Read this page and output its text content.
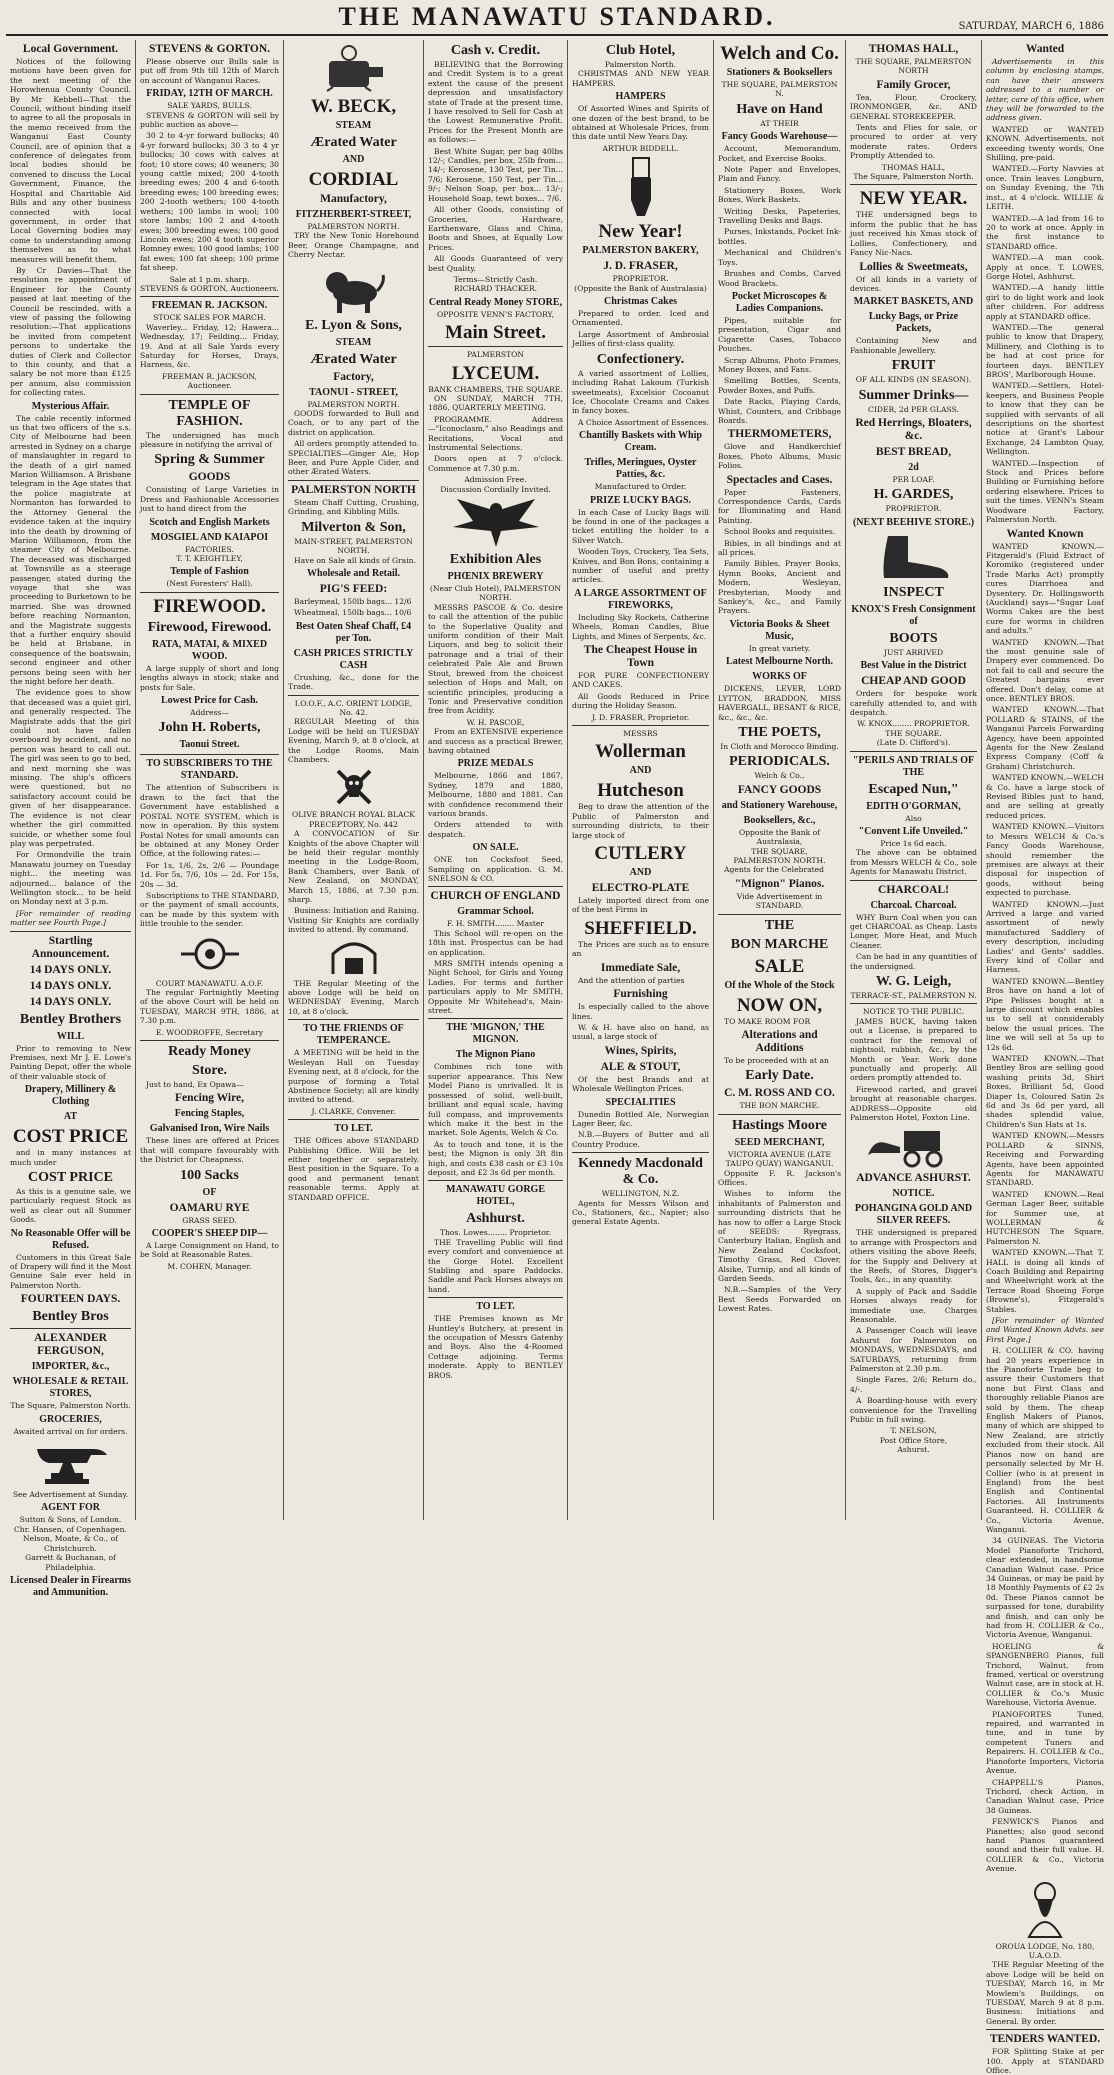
THE MANAWATU STANDARD.	SATURDAY, MARCH 6, 1886
Local Government.

Notices of the following motions have been given for the next meeting of the Horowhenua County Council. By Mr Kebbell—That the Council, without binding itself to agree to all the proposals in the memo received from the Wanganui East County Council, are of opinion that a conference of delegates from local bodies should be convened to discuss the Local Government, Finance, the Hospital and Charitable Aid Bills and any other business connected with local government, in order that Local Governing bodies may come to understanding among themselves as to what measures will benefit them.

By Cr Davies—That the resolution re appointment of Engineer for the County passed at last meeting of the Council be rescinded, with a view of passing the following resolution:—That applications be invited from competent persons to undertake the duties of Clerk and Collector to this county, and that a salary be not more than £125 per annum, also commission for collecting rates.

Mysterious Affair.

The cable recently informed us that two officers of the s.s. City of Melbourne had been arrested in Sydney on a charge of manslaughter in regard to the death of a girl named Marion Williamson. A Brisbane telegram in the Age states that the police magistrate at Normanton has forwarded to the Attorney General the evidence taken at the inquiry into the death by drowning of Marion Williamson, from the steamer City of Melbourne. The deceased was discharged at Townsville as a steerage passenger, stated during the voyage that she was proceeding to Burketown to be married. She was drowned before reaching Normanton, and the Magistrate suggests that a further enquiry should be held at Brisbane, in consequence of the boatswain, second engineer and other persons being seen with her the night before her death.

The evidence goes to show that deceased was a quiet girl, and generally respected. The Magistrate adds that the girl could not have fallen overboard by accident, and no person was heard to call out. The girl was seen to go to bed, and next morning she was missing. The ship's officers were questioned, but no satisfactory account could be given of her disappearance. The evidence is not clear whether the girl committed suicide, or whether some foul play was perpetrated.

For Ormondville the train Manawatu journey on Tuesday night... the meeting was adjourned... balance of the Wellington stock... to be held on Monday next at 3 p.m.

[For remainder of reading matter see Fourth Page.]

Startling Announcement.
14 DAYS ONLY.
14 DAYS ONLY.
14 DAYS ONLY.
Bentley Brothers
WILL

Prior to removing to New Premises, next Mr J. E. Lowe's Painting Depot, offer the whole of their valuable stock of

Drapery, Millinery & Clothing
AT
COST PRICE

and in many instances at much under

COST PRICE

As this is a genuine sale, we particularly request Stock as well as clear out all Summer Goods.

No Reasonable Offer will be Refused.

Customers in this Great Sale of Drapery will find it the Most Genuine Sale ever held in Palmerston North.

FOURTEEN DAYS.
Bentley Bros
ALEXANDER FERGUSON,
IMPORTER, &c.,
WHOLESALE & RETAIL STORES,
The Square, Palmerston North.
GROCERIES,
Awaited arrival on for orders.
See Advertisement at Sunday.
AGENT FOR
Sutton & Sons, of London.
Chr. Hansen, of Copenhagen.
Nelson, Moate, & Co., of Christchurch.
Garrett & Buchanan, of Philadelphia.
Licensed Dealer in Firearms and Ammunition.
STEVENS & GORTON.

Please observe our Bulls sale is put off from 9th till 12th of March on account of Wanganui Races.

FRIDAY, 12TH OF MARCH.
SALE YARDS, BULLS.

STEVENS & GORTON will sell by public auction as above—

30 2 to 4-yr forward bullocks; 40 4-yr forward bullocks; 30 3 to 4 yr bullocks; 30 cows with calves at foot; 10 store cows; 40 weaners; 30 young cattle mixed; 200 4-tooth breeding ewes; 200 4 and 6-tooth breeding ewes; 100 breeding ewes; 200 2-tooth wethers; 100 4-tooth wethers; 100 lambs in wool; 100 store lambs; 100 2 and 4-tooth ewes; 300 breeding ewes; 100 good Lincoln ewes; 200 4 tooth superior Romney ewes; 100 good lambs; 100 fat ewes; 100 fat sheep; 100 prime fat sheep.

Sale at 1 p.m. sharp.
STEVENS & GORTON, Auctioneers.
FREEMAN R. JACKSON.
STOCK SALES FOR MARCH.

Waverley... Friday, 12; Hawera... Wednesday, 17; Feilding... Friday, 19. And at all Sale Yards every Saturday for Horses, Drays, Harness, &c.

FREEMAN R. JACKSON, Auctioneer.
TEMPLE OF FASHION.

The undersigned has much pleasure in notifying the arrival of

Spring & Summer
GOODS

Consisting of Large Varieties in Dress and Fashionable Accessories just to hand direct from the

Scotch and English Markets
MOSGIEL AND KAIAPOI
FACTORIES.
T. T. KEIGHTLEY,
Temple of Fashion
(Next Foresters' Hall).
FIREWOOD.
Firewood, Firewood.
RATA, MATAI, & MIXED WOOD.

A large supply of short and long lengths always in stock; stake and posts for Sale.

Lowest Price for Cash.
Address—
John H. Roberts,
Taonui Street.
TO SUBSCRIBERS TO THE STANDARD.

The attention of Subscribers is drawn to the fact that the Government have established a POSTAL NOTE SYSTEM, which is now in operation. By this system Postal Notes for small amounts can be obtained at any Money Order Office, at the following rates:—

For 1s, 1/6, 2s, 2/6 — Poundage 1d. For 5s, 7/6, 10s — 2d. For 15s, 20s — 3d.

Subscriptions to THE STANDARD, or the payment of small accounts, can be made by this system with little trouble to the sender.

COURT MANAWATU. A.O.F.

The regular Fortnightly Meeting of the above Court will be held on TUESDAY, MARCH 9TH, 1886, at 7.30 p.m.

E. WOODROFFE, Secretary
Ready Money
Store.

Just to hand, Ex Opawa—

Fencing Wire,
Fencing Staples,
Galvanised Iron, Wire Nails

These lines are offered at Prices that will compare favourably with the District for Cheapness.

100 Sacks
OF
OAMARU RYE
GRASS SEED.
COOPER'S SHEEP DIP—

A Large Consignment on Hand, to be Sold at Reasonable Rates.

M. COHEN, Manager.
W. BECK,
STEAM
Ærated Water
AND
CORDIAL
Manufactory,
FITZHERBERT-STREET,
PALMERSTON NORTH.

TRY the New Tonic Horehound Beer, Orange Champagne, and Cherry Nectar.

E. Lyon & Sons,
STEAM
Ærated Water
Factory,
TAONUI - STREET,
PALMERSTON NORTH.

GOODS forwarded to Bull and Coach, or to any part of the district on application.

All orders promptly attended to. SPECIALTIES—Ginger Ale, Hop Beer, and Pure Apple Cider, and other Ærated Waters.

PALMERSTON NORTH

Steam Chaff Cutting, Crushing, Grinding, and Kibbling Mills.

Milverton & Son,
MAIN-STREET, PALMERSTON NORTH.

Have on Sale all kinds of Grain.

Wholesale and Retail.
PIG'S FEED:

Barleymeal, 150lb bags... 12/6

Wheatmeal, 150lb bags... 10/6

Best Oaten Sheaf Chaff, £4 per Ton.
CASH PRICES STRICTLY CASH

Crushing, &c., done for the Trade.

I.O.O.F., A.C. ORIENT LODGE, No. 42.

REGULAR Meeting of this Lodge will be held on TUESDAY Evening, March 9, at 8 o'clock, at the Lodge Rooms, Main Chambers.

OLIVE BRANCH ROYAL BLACK PRECEPTORY, No. 442

A CONVOCATION of Sir Knights of the above Chapter will be held their regular monthly meeting in the Lodge-Room, Bank Chambers, over Bank of New Zealand, on MONDAY, March 15, 1886, at 7.30 p.m. sharp.

Business: Initiation and Raising. Visiting Sir Knights are cordially invited to attend. By command.

THE Regular Meeting of the above Lodge will be held on WEDNESDAY Evening, March 10, at 8 o'clock.

TO THE FRIENDS OF TEMPERANCE.

A MEETING will be held in the Wesleyan Hall on Tuesday Evening next, at 8 o'clock, for the purpose of forming a Total Abstinence Society; all are kindly invited to attend.

J. CLARKE, Convener.
TO LET.

THE Offices above STANDARD Publishing Office. Will be let either together or separately. Best position in the Square. To a good and permanent tenant reasonable terms. Apply at STANDARD OFFICE.

Cash v. Credit.

BELIEVING that the Borrowing and Credit System is to a great extent the cause of the present depression and unsatisfactory state of Trade at the present time, I have resolved to Sell for Cash at the Lowest Remunerative Profit. Prices for the Present Month are as follows:—

Best White Sugar, per bag 40lbs 12/-; Candles, per box, 25lb from... 14/-; Kerosene, 130 Test, per Tin... 7/6; Kerosene, 150 Test, per Tin... 9/-; Nelson Soap, per box... 13/-; Household Soap, tewt boxes... 7/6.

All other Goods, consisting of Groceries, Hardware, Earthenware, Glass and China, Boots and Shoes, at Equally Low Prices.

All Goods Guaranteed of very best Quality.

Terms—Strictly Cash.
RICHARD THACKER.
Central Ready Money STORE,
OPPOSITE VENN'S FACTORY,
Main Street.
PALMERSTON
LYCEUM.
BANK CHAMBERS, THE SQUARE.

ON SUNDAY, MARCH 7TH, 1886, QUARTERLY MEETING.

PROGRAMME. Address—"Iconoclasm," also Readings and Recitations, Vocal and Instrumental Selections.

Doors open at 7 o'clock. Commence at 7.30 p.m.

Admission Free.
Discussion Cordially Invited.
Exhibition Ales
PHŒNIX BREWERY
(Near Club Hotel), PALMERSTON NORTH.

MESSRS PASCOE & Co. desire to call the attention of the public to the Superlative Quality and uniform condition of their Malt Liquors, and beg to solicit their patronage and a trial of their celebrated Pale Ale and Brown Stout, brewed from the choicest selection of Hops and Malt, on scientific principles, producing a Tonic and Preservative condition free from Acidity.

W. H. PASCOE,

From an EXTENSIVE experience and success as a practical Brewer, having obtained

PRIZE MEDALS

Melbourne, 1866 and 1867, Sydney, 1879 and 1880, Melbourne, 1880 and 1881. Can with confidence recommend their various brands.

Orders attended to with despatch.

ON SALE.

ONE ton Cocksfoot Seed, Sampling on application. G. M. SNELSON & CO.

CHURCH OF ENGLAND
Grammar School.
F. H. SMITH........ Master

This School will re-open on the 18th inst. Prospectus can be had on application.

MRS SMITH intends opening a Night School, for Girls and Young Ladies. For terms and further particulars apply to Mr SMITH, Opposite Mr Whitehead's, Main-street.

THE 'MIGNON,' THE MIGNON.
The Mignon Piano

Combines rich tone with superior appearance. This New Model Piano is unrivalled. It is possessed of solid, well-built, brilliant and equal scale, having full compass, and improvements which make it the best in the market. Sole Agents, Welch & Co.

As to touch and tone, it is the best; the Mignon is only 3ft 8in high, and costs £38 cash or £3 10s deposit, and £2 3s 6d per month.

MANAWATU GORGE HOTEL,
Ashhurst.
Thos. Lowes........ Proprietor.

THE Travelling Public will find every comfort and convenience at the Gorge Hotel. Excellent Stabling and spare Paddocks. Saddle and Pack Horses always on hand.

TO LET.

THE Premises known as Mr Huntley's Butchery, at present in the occupation of Messrs Gatenby and Boys. Also the 4-Roomed Cottage adjoining. Terms moderate. Apply to BENTLEY BROS.

Club Hotel,
Palmerston North.

CHRISTMAS AND NEW YEAR HAMPERS.

HAMPERS

Of Assorted Wines and Spirits of one dozen of the best brand, to be obtained at Wholesale Prices, from this date until New Years Day.

ARTHUR BIDDELL.
New Year!
PALMERSTON BAKERY,
J. D. FRASER,
PROPRIETOR.
(Opposite the Bank of Australasia)
Christmas Cakes

Prepared to order. Iced and Ornamented.

Large Assortment of Ambrosial Jellies of first-class quality.

Confectionery.

A varied assortment of Lollies, including Rahat Lakoum (Turkish sweetmeats), Excelsior Cocoanut Ice, Chocolate Creams and Cakes in fancy boxes.

A Choice Assortment of Essences.

Chantilly Baskets with Whip Cream.
Trifles, Meringues, Oyster Patties, &c.
Manufactured to Order.
PRIZE LUCKY BAGS.

In each Case of Lucky Bags will be found in one of the packages a ticket entitling the holder to a Silver Watch.

Wooden Toys, Crockery, Tea Sets, Knives, and Bon Bons, containing a number of useful and pretty articles.

A LARGE ASSORTMENT OF FIREWORKS,

Including Sky Rockets, Catherine Wheels, Roman Candles, Blue Lights, and Mines of Serpents, &c.

The Cheapest House in Town

FOR PURE CONFECTIONERY AND CAKES.

All Goods Reduced in Price during the Holiday Season.

J. D. FRASER, Proprietor.
MESSRS
Wollerman
AND
Hutcheson

Beg to draw the attention of the Public of Palmerston and surrounding districts, to their large stock of

CUTLERY
AND
ELECTRO-PLATE

Lately imported direct from one of the best Firms in

SHEFFIELD.

The Prices are such as to ensure an

Immediate Sale,

And the attention of parties

Furnishing

Is especially called to the above lines.

W. & H. have also on hand, as usual, a large stock of

Wines, Spirits,
ALE & STOUT,

Of the best Brands and at Wholesale Wellington Prices.

SPECIALITIES

Dunedin Bottled Ale, Norwegian Lager Beer, &c.

N.B.—Buyers of Butter and all Country Produce.

Kennedy Macdonald & Co.
WELLINGTON, N.Z.

Agents for Messrs Wilson and Co., Stationers, &c., Napier; also general Estate Agents.

Welch and Co.
Stationers & Booksellers
THE SQUARE, PALMERSTON N.
Have on Hand
AT THEIR
Fancy Goods Warehouse—

Account, Memorandum, Pocket, and Exercise Books.

Note Paper and Envelopes, Plain and Fancy.

Stationery Boxes, Work Boxes, Work Baskets.

Writing Desks, Papeteries, Travelling Desks and Bags.

Purses, Inkstands, Pocket Ink-bottles.

Mechanical and Children's Toys.

Brushes and Combs, Carved Wood Brackets.

Pocket Microscopes & Ladies Companions.

Pipes, suitable for presentation, Cigar and Cigarette Cases, Tobacco Pouches.

Scrap Albums, Photo Frames, Money Boxes, and Fans.

Smelling Bottles, Scents, Powder Boxes, and Puffs.

Date Racks, Playing Cards, Whist, Counters, and Cribbage Boards.

THERMOMETERS,

Glove and Handkerchief Boxes, Photo Albums, Music Folios.

Spectacles and Cases.

Paper Fasteners, Correspondence Cards, Cards for Illuminating and Hand Painting.

School Books and requisites.

Bibles, in all bindings and at all prices.

Family Bibles, Prayer Books, Hymn Books, Ancient and Modern, Wesleyan, Presbyterian, Moody and Sankey's, &c., and Family Prayers.

Victoria Books & Sheet Music,
In great variety.
Latest Melbourne North.
WORKS OF

DICKENS, LEVER, LORD LYTTON, BRADDON, MISS HAVERGALL, BESANT & RICE, &c., &c., &c.

THE POETS,
In Cloth and Morocco Binding.
PERIODICALS.
Welch & Co.,
FANCY GOODS
and Stationery Warehouse,
Booksellers, &c.,
Opposite the Bank of Australasia,
THE SQUARE,
PALMERSTON NORTH.

Agents for the Celebrated

"Mignon" Pianos.
Vide Advertisement in STANDARD.
THE
BON MARCHE
SALE
Of the Whole of the Stock
NOW ON,

TO MAKE ROOM FOR

Alterations and Additions

To be proceeded with at an

Early Date.
C. M. ROSS AND CO.
THE BON MARCHE.
Hastings Moore
SEED MERCHANT,
VICTORIA AVENUE (LATE TAUPO QUAY) WANGANUI.

Opposite F. R. Jackson's Offices.

Wishes to inform the inhabitants of Palmerston and surrounding districts that he has now to offer a Large Stock of SEEDS: Ryegrass, Canterbury Italian, English and New Zealand Cocksfoot, Timothy Grass, Red Clover, Alsike, Turnip, and all kinds of Garden Seeds.

N.B.—Samples of the Very Best Seeds Forwarded on Lowest Rates.

THOMAS HALL,
THE SQUARE, PALMERSTON NORTH
Family Grocer,

Tea, Flour, Crockery, IRONMONGER, &c. AND GENERAL STOREKEEPER.

Tents and Flies for sale, or procured to order at very moderate rates. Orders Promptly Attended to.

THOMAS HALL,
The Square, Palmerston North.
NEW YEAR.

THE undersigned begs to inform the public that he has just received his Xmas stock of Lollies, Confectionery, and Fancy Nic-Nacs.

Lollies & Sweetmeats,

Of all kinds in a variety of devices.

MARKET BASKETS, AND
Lucky Bags, or Prize Packets,

Containing New and Fashionable Jewellery.

FRUIT
OF ALL KINDS (IN SEASON).
Summer Drinks—
CIDER, 2d PER GLASS.
Red Herrings, Bloaters, &c.
BEST BREAD,
2d
PER LOAF.
H. GARDES,
PROPRIETOR.
(NEXT BEEHIVE STORE.)
INSPECT
KNOX'S Fresh Consignment of
BOOTS
JUST ARRIVED
Best Value in the District
CHEAP AND GOOD

Orders for bespoke work carefully attended to, and with despatch.

W. KNOX........ PROPRIETOR.
THE SQUARE.
(Late D. Clifford's).
"PERILS AND TRIALS OF THE
Escaped Nun,"
EDITH O'GORMAN,
Also
"Convent Life Unveiled."
Price 1s 6d each.

The above can be obtained from Messrs WELCH & Co., sole Agents for Manawatu District.

CHARCOAL!
Charcoal. Charcoal.

WHY Burn Coal when you can get CHARCOAL as Cheap. Lasts Longer, More Heat, and Much Cleaner.

Can be had in any quantities of the undersigned.

W. G. Leigh,
TERRACE-ST., PALMERSTON N.
NOTICE TO THE PUBLIC.

JAMES BUCK, having taken out a License, is prepared to contract for the removal of nightsoil, rubbish, &c., by the Month or Year. Work done punctually and properly. All orders promptly attended to.

Firewood carted, and gravel brought at reasonable charges. ADDRESS—Opposite old Palmerston Hotel, Foxton Line.

ADVANCE ASHURST.
NOTICE.
POHANGINA GOLD AND SILVER REEFS.

THE undersigned is prepared to arrange with Prospectors and others visiting the above Reefs, for the Supply and Delivery at the Reefs, of Stores, Digger's Tools, &c., in any quantity.

A supply of Pack and Saddle Horses always ready for immediate use. Charges Reasonable.

A Passenger Coach will leave Ashurst for Palmerston on MONDAYS, WEDNESDAYS, and SATURDAYS, returning from Palmerston at 2.30 p.m.

Single Fares, 2/6; Return do., 4/-.

A Boarding-house with every convenience for the Travelling Public in full swing.

T. NELSON,
Post Office Store,
Ashurst.
Wanted

Advertisements in this column by enclosing stamps, can have their answers addressed to a number or letter, care of this office, when they will be forwarded to the address given.

WANTED or WANTED KNOWN. Advertisements, not exceeding twenty words, One Shilling, pre-paid.

WANTED.—Forty Navvies at once. Train leaves Longburn, on Sunday Evening, the 7th inst., at 4 o'clock. WILLIE & LEITH.

WANTED.—A lad from 16 to 20 to work at once. Apply in the first instance to STANDARD office.

WANTED.—A man cook. Apply at once. T. LOWES, Gorge Hotel, Ashhurst.

WANTED.—A handy little girl to do light work and look after children. For address apply at STANDARD office.

WANTED.—The general public to know that Drapery, Millinery, and Clothing is to be had at cost price for fourteen days. BENTLEY BROS', Marlborough House.

WANTED.—Settlers, Hotel-keepers, and Business People to know that they can be supplied with servants of all descriptions on the shortest notice at Grant's Labour Exchange, 24 Lambton Quay, Wellington.

WANTED.—Inspection of Stock and Prices before Building or Furnishing before ordering elsewhere. Prices to suit the times. VENN's Steam Woodware Factory, Palmerston North.

Wanted Known

WANTED KNOWN.—Fitzgerald's (Fluid Extract of Koromiko (registered under Trade Marks Act) promptly cures Diarrhoea and Dysentery. Dr. Hollingsworth (Auckland) says—"Sugar Loaf Worms Cakes are the best cure for worms in children and adults."

WANTED KNOWN.—That the most genuine sale of Drapery ever commenced. Do not fail to call and secure the Greatest bargains ever offered. Don't delay, come at once. BENTLEY BROS.

WANTED KNOWN.—That POLLARD & STAINS, of the Wanganui Parcels Forwarding Agency, have been appointed Agents for the New Zealand Express Company (Coff & Graham) Christchurch.

WANTED KNOWN.—WELCH & Co. have a large stock of Revised Bibles just to hand, and are selling at greatly reduced prices.

WANTED KNOWN.—Visitors to Messrs WELCH & Co.'s Fancy Goods Warehouse, should remember the premises are always at their disposal for inspection of goods, without being expected to purchase.

WANTED KNOWN.—Just Arrived a large and varied assortment of newly manufactured Saddlery of every description, including Ladies' and Gents' saddles. Every kind of Collar and Harness.

WANTED KNOWN.—Bentley Bros have on hand a lot of Pipe Pelisses bought at a large discount which enables us to sell at considerably below the usual prices. The line we will sell at 5s up to 12s 6d.

WANTED KNOWN.—That Bentley Bros are selling good washing prints 3d, Shirt Boxes, Brilliant 5d, Good Diaper 1s, Coloured Satin 2s 6d and 3s 6d per yard, all shades splendid value, Children's Sun Hats at 1s.

WANTED KNOWN.—Messrs POLLARD & SINNS, Receiving and Forwarding Agents, have been appointed Agents for MANAWATU STANDARD.

WANTED KNOWN.—Real German Lager Beer, suitable for Summer use, at WOLLERMAN & HUTCHESON The Square, Palmerston N.

WANTED KNOWN.—That T. HALL is doing all kinds of Coach Building and Repairing and Wheelwright work at the Terrace Road Shoeing Forge (Browne's), Fitzgerald's Stables.

[For remainder of Wanted and Wanted Known Advts. see First Page.]

H. COLLIER & CO. having had 20 years experience in the Pianoforte Trade beg to assure their Customers that none but First Class and thoroughly reliable Pianos are sold by them. The cheap English Makers of Pianos, many of which are shipped to New Zealand, are strictly excluded from their stock. All Pianos now on hand are personally selected by Mr H. Collier (who is at present in England) from the best English and Continental Factories. All Instruments Guaranteed. H. COLLIER & Co., Victoria Avenue, Wanganui.

34 GUINEAS. The Victoria Model Pianoforte Trichord, clear extended, in handsome Canadian Walnut case. Price 34 Guineas, or may be paid by 18 Monthly Payments of £2 2s 0d. These Pianos cannot be surpassed for tone, durability and finish, and can only be had from H. COLLIER & Co., Victoria Avenue, Wanganui.

HOELING & SPANGENBERG Pianos, full Trichord, Walnut, from framed, vertical or overstrung Walnut case, are in stock at H. COLLIER & Co.'s Music Warehouse, Victoria Avenue.

PIANOFORTES Tuned, repaired, and warranted in tune, and in tune by competent Tuners and Repairers. H. COLLIER & Co., Pianoforte Importers, Victoria Avenue.

CHAPPELL'S Pianos, Trichord, check Action, in Canadian Walnut case, Price 38 Guineas.

FENWICK'S Pianos and Pianettes; also good second hand Pianos guaranteed sound and their full value. H. COLLIER & Co., Victoria Avenue.

OROUA LODGE, No. 180, U.A.O.D.

THE Regular Meeting of the above Lodge will be held on TUESDAY, March 16, in Mr Mowlem's Buildings, on TUESDAY, March 9 at 8 p.m. Business: Initiations and General. By order.

TENDERS WANTED.

FOR Splitting Stake at per 100. Apply at STANDARD Office.
